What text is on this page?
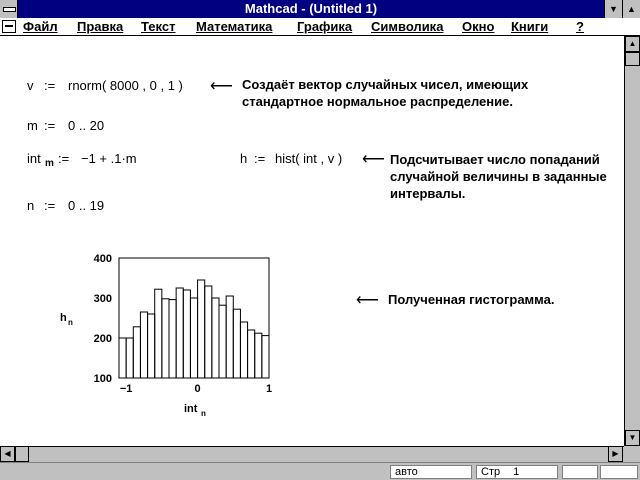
Mathcad - (Untitled 1)	▼	▲
Файл Правка Текст Математика Графика Символика Окно Книги ?
v := rnorm( 8000 , 0 , 1 ) ⟵ Создаёт вектор случайных чисел, имеющих
стандартное нормальное распределение.
m := 0 .. 20
int m := −1 + .1·m	h := hist( int , v ) ⟵ Подсчитывает число попаданий
случайной величины в заданные
интервалы.
n := 0 .. 19
⟵ Полученная гистограмма.
400
300
200
100
−1	0	1
int n
h n
▲
▼
◀	▶
авто	Стр 1
